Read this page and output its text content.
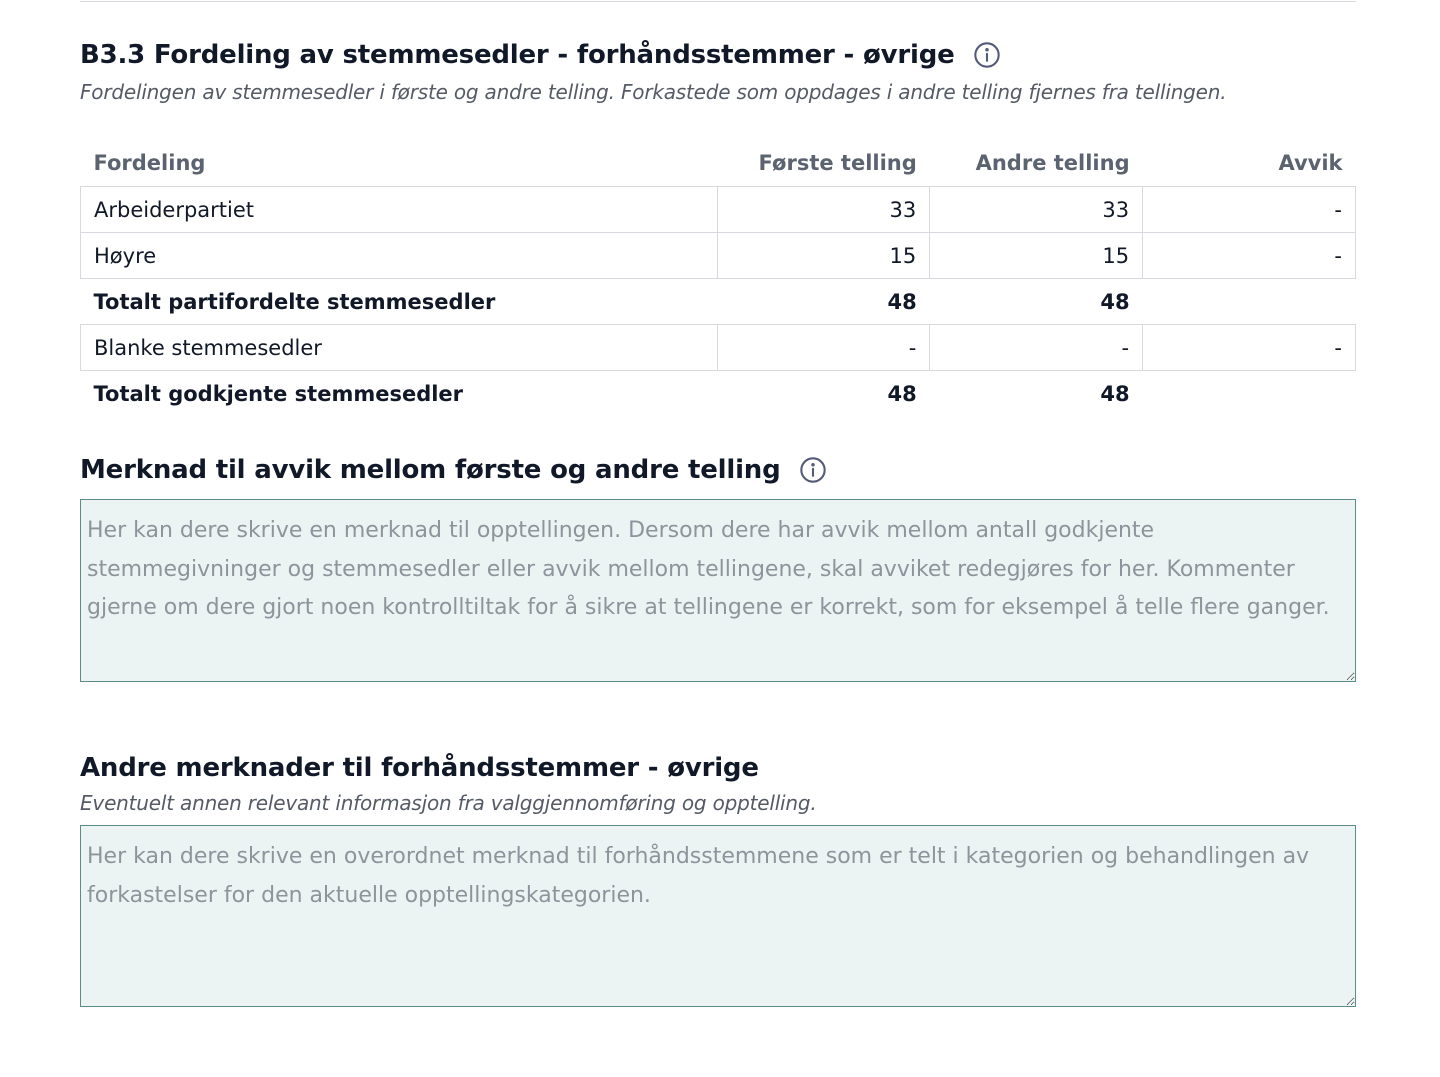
B3.3 Fordeling av stemmesedler - forhåndsstemmer - øvrige

Fordelingen av stemmesedler i første og andre telling. Forkastede som oppdages i andre telling fjernes fra tellingen.

Fordeling	Første telling	Andre telling	Avvik
Arbeiderpartiet	33	33	-
Høyre	15	15	-
Totalt partifordelte stemmesedler	48	48	
Blanke stemmesedler	-	-	-
Totalt godkjente stemmesedler	48	48	
Merknad til avvik mellom første og andre telling
Her kan dere skrive en merknad til opptellingen. Dersom dere har avvik mellom antall godkjente stemmegivninger og stemmesedler eller avvik mellom tellingene, skal avviket redegjøres for her. Kommenter gjerne om dere gjort noen kontrolltiltak for å sikre at tellingene er korrekt, som for eksempel å telle flere ganger.
Andre merknader til forhåndsstemmer - øvrige

Eventuelt annen relevant informasjon fra valggjennomføring og opptelling.

Her kan dere skrive en overordnet merknad til forhåndsstemmene som er telt i kategorien og behandlingen av forkastelser for den aktuelle opptellingskategorien.
